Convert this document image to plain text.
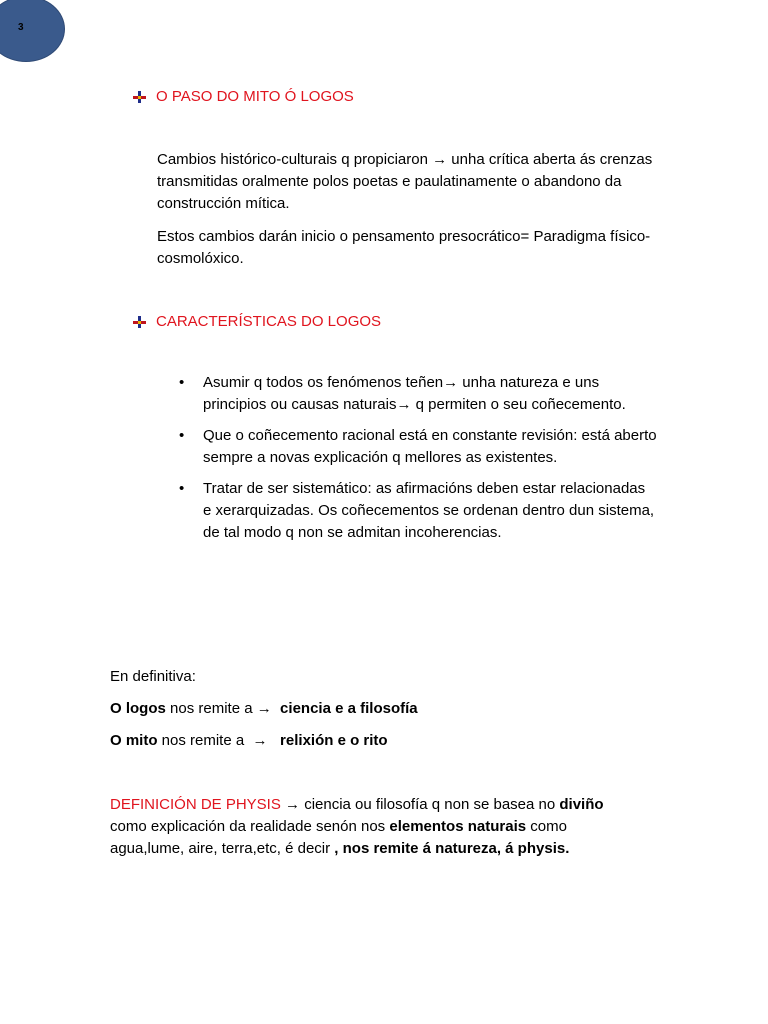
3
O PASO DO MITO Ó LOGOS

Cambios histórico-culturais q propiciaron → unha crítica aberta ás crenzas transmitidas oralmente polos poetas e paulatinamente o abandono da construcción mítica.

Estos cambios darán inicio o pensamento presocrático= Paradigma físico-cosmolóxico.

CARACTERÍSTICAS DO LOGOS
• Asumir q todos os fenómenos teñen→ unha natureza e uns principios ou causas naturais→ q permiten o seu coñecemento.
• Que o coñecemento racional está en constante revisión: está aberto sempre a novas explicación q mellores as existentes.
• Tratar de ser sistemático: as afirmacións deben estar relacionadas e xerarquizadas. Os coñecementos se ordenan dentro dun sistema, de tal modo q non se admitan incoherencias.

En definitiva:

O logos nos remite a →  ciencia e a filosofía

O mito nos remite a  →   relixión e o rito

DEFINICIÓN DE PHYSIS → ciencia ou filosofía q non se basea no diviño como explicación da realidade senón nos elementos naturais como agua,lume, aire, terra,etc, é decir , nos remite á natureza, á physis.
